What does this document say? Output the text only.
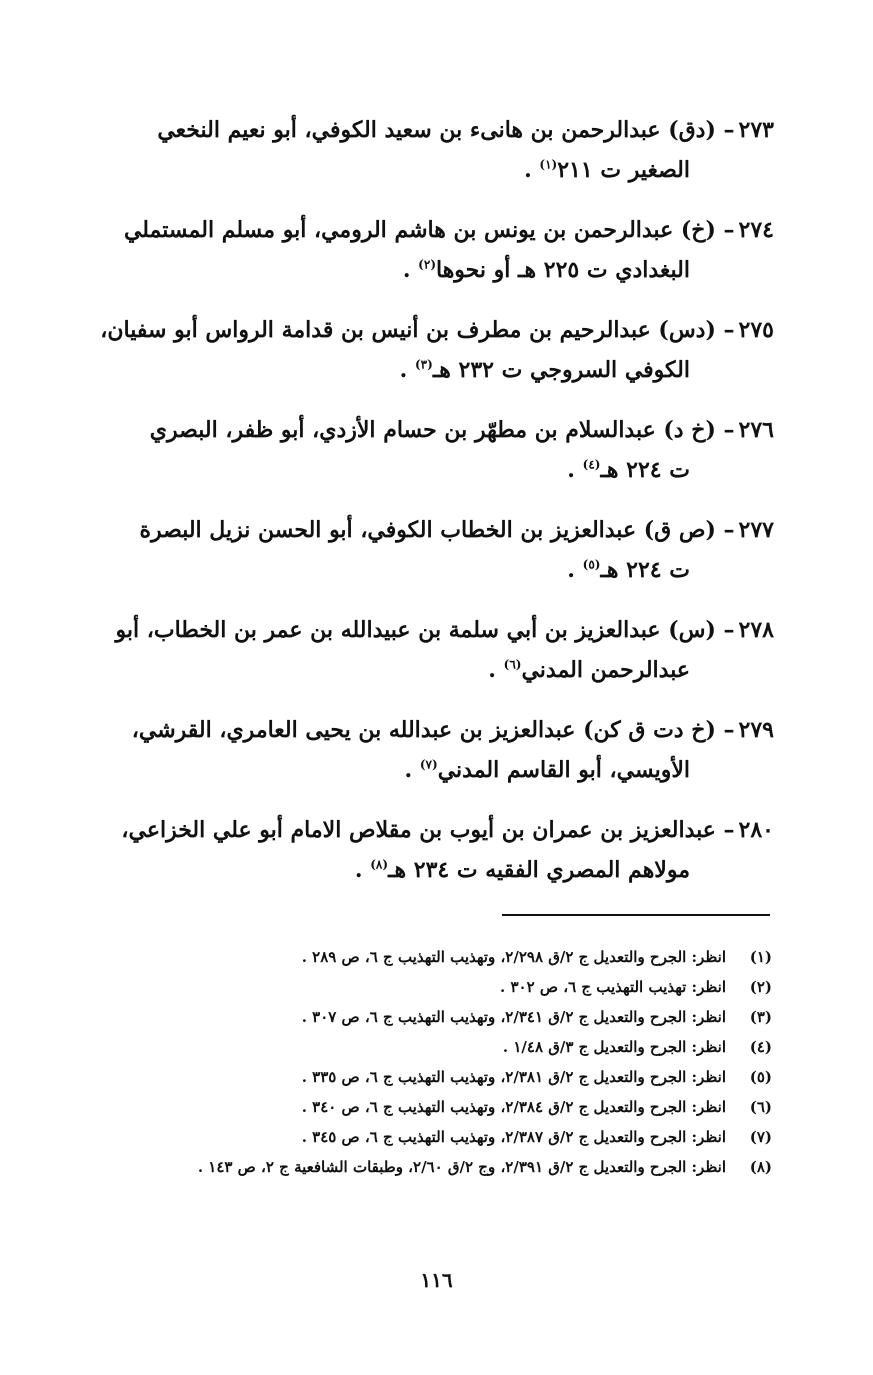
٢٧٣– (دق) عبدالرحمن بن هانىء بن سعيد الكوفي، أبو نعيم النخعي
الصغير ت ٢١١$^{(١)}$ .
٢٧٤– (خ) عبدالرحمن بن يونس بن هاشم الرومي، أبو مسلم المستملي
البغدادي ت ٢٢٥ هـ أو نحوها$^{(٢)}$ .
٢٧٥– (دس) عبدالرحيم بن مطرف بن أنيس بن قدامة الرواس أبو سفيان،
الكوفي السروجي ت ٢٣٢ هـ$^{(٣)}$ .
٢٧٦– (خ د) عبدالسلام بن مطهّر بن حسام الأزدي، أبو ظفر، البصري
ت ٢٢٤ هـ$^{(٤)}$ .
٢٧٧– (ص ق) عبدالعزيز بن الخطاب الكوفي، أبو الحسن نزيل البصرة
ت ٢٢٤ هـ$^{(٥)}$ .
٢٧٨– (س) عبدالعزيز بن أبي سلمة بن عبيدالله بن عمر بن الخطاب، أبو
عبدالرحمن المدني$^{(٦)}$ .
٢٧٩– (خ دت ق كن) عبدالعزيز بن عبدالله بن يحيى العامري، القرشي،
الأويسي، أبو القاسم المدني$^{(٧)}$ .
٢٨٠– عبدالعزيز بن عمران بن أيوب بن مقلاص الامام أبو علي الخزاعي،
مولاهم المصري الفقيه ت ٢٣٤ هـ$^{(٨)}$ .
(١)
انظر: الجرح والتعديل ج ٢/ق ٢/٢٩٨، وتهذيب التهذيب ج ٦، ص ٢٨٩ .
(٢)
انظر: تهذيب التهذيب ج ٦، ص ٣٠٢ .
(٣)
انظر: الجرح والتعديل ج ٢/ق ٢/٣٤١، وتهذيب التهذيب ج ٦، ص ٣٠٧ .
(٤)
انظر: الجرح والتعديل ج ٣/ق ١/٤٨ .
(٥)
انظر: الجرح والتعديل ج ٢/ق ٢/٣٨١، وتهذيب التهذيب ج ٦، ص ٣٣٥ .
(٦)
انظر: الجرح والتعديل ج ٢/ق ٢/٣٨٤، وتهذيب التهذيب ج ٦، ص ٣٤٠ .
(٧)
انظر: الجرح والتعديل ج ٢/ق ٢/٣٨٧، وتهذيب التهذيب ج ٦، ص ٣٤٥ .
(٨)
انظر: الجرح والتعديل ج ٢/ق ٢/٣٩١، وج ٢/ق ٢/٦٠، وطبقات الشافعية ج ٢، ص ١٤٣ .
١١٦
